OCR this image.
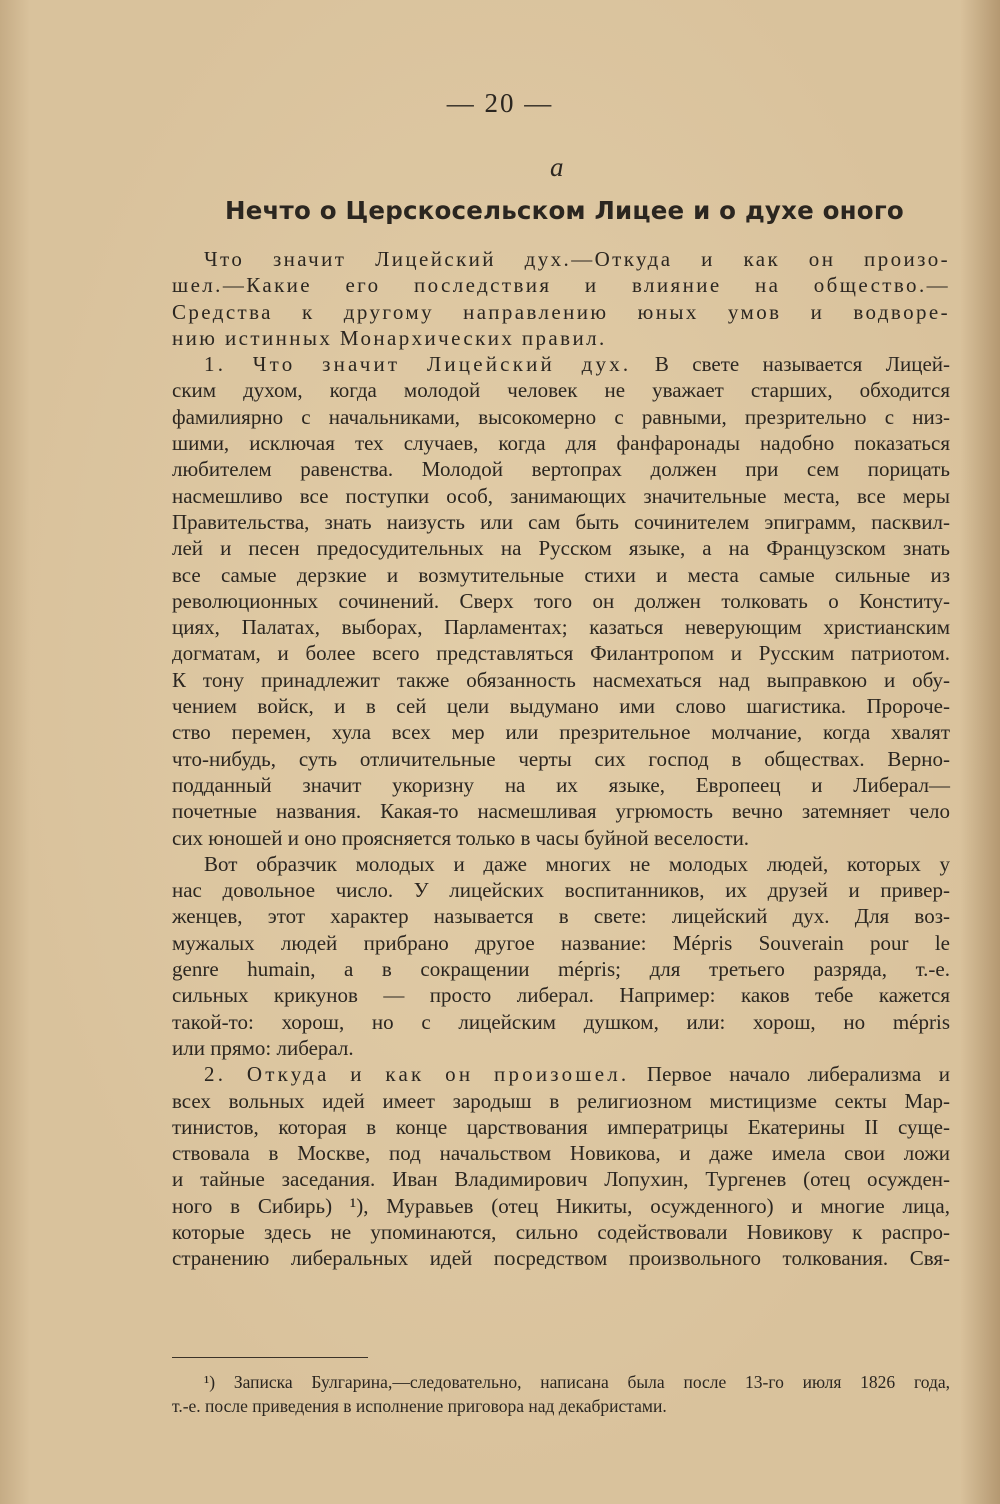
— 20 —
a
Нечто о Церскосельском Лицее и о духе оного
Что значит Лицейский дух.—Откуда и как он произо-
шел.—Какие его последствия и влияние на общество.—
Средства к другому направлению юных умов и водворе-
нию истинных Монархических правил.
1. Что значит Лицейский дух. В свете называется Лицей-
ским духом, когда молодой человек не уважает старших, обходится
фамилиярно с начальниками, высокомерно с равными, презрительно с низ-
шими, исключая тех случаев, когда для фанфаронады надобно показаться
любителем равенства. Молодой вертопрах должен при сем порицать
насмешливо все поступки особ, занимающих значительные места, все меры
Правительства, знать наизусть или сам быть сочинителем эпиграмм, пасквил-
лей и песен предосудительных на Русском языке, а на Французском знать
все самые дерзкие и возмутительные стихи и места самые сильные из
революционных сочинений. Сверх того он должен толковать о Конститу-
циях, Палатах, выборах, Парламентах; казаться неверующим христианским
догматам, и более всего представляться Филантропом и Русским патриотом.
К тону принадлежит также обязанность насмехаться над выправкою и обу-
чением войск, и в сей цели выдумано ими слово шагистика. Пророче-
ство перемен, хула всех мер или презрительное молчание, когда хвалят
что-нибудь, суть отличительные черты сих господ в обществах. Верно-
подданный значит укоризну на их языке, Европеец и Либерал—
почетные названия. Какая-то насмешливая угрюмость вечно затемняет чело
сих юношей и оно проясняется только в часы буйной веселости.
Вот образчик молодых и даже многих не молодых людей, которых у
нас довольное число. У лицейских воспитанников, их друзей и привер-
женцев, этот характер называется в свете: лицейский дух. Для воз-
мужалых людей прибрано другое название: Mépris Souverain pour le
genre humain, а в сокращении mépris; для третьего разряда, т.-е.
сильных крикунов — просто либерал. Например: каков тебе кажется
такой-то: хорош, но с лицейским душком, или: хорош, но mépris
или прямо: либерал.
2. Откуда и как он произошел. Первое начало либерализма и
всех вольных идей имеет зародыш в религиозном мистицизме секты Мар-
тинистов, которая в конце царствования императрицы Екатерины II суще-
ствовала в Москве, под начальством Новикова, и даже имела свои ложи
и тайные заседания. Иван Владимирович Лопухин, Тургенев (отец осужден-
ного в Сибирь) ¹), Муравьев (отец Никиты, осужденного) и многие лица,
которые здесь не упоминаются, сильно содействовали Новикову к распро-
странению либеральных идей посредством произвольного толкования. Свя-
¹) Записка Булгарина,—следовательно, написана была после 13-го июля 1826 года,
т.-е. после приведения в исполнение приговора над декабристами.
